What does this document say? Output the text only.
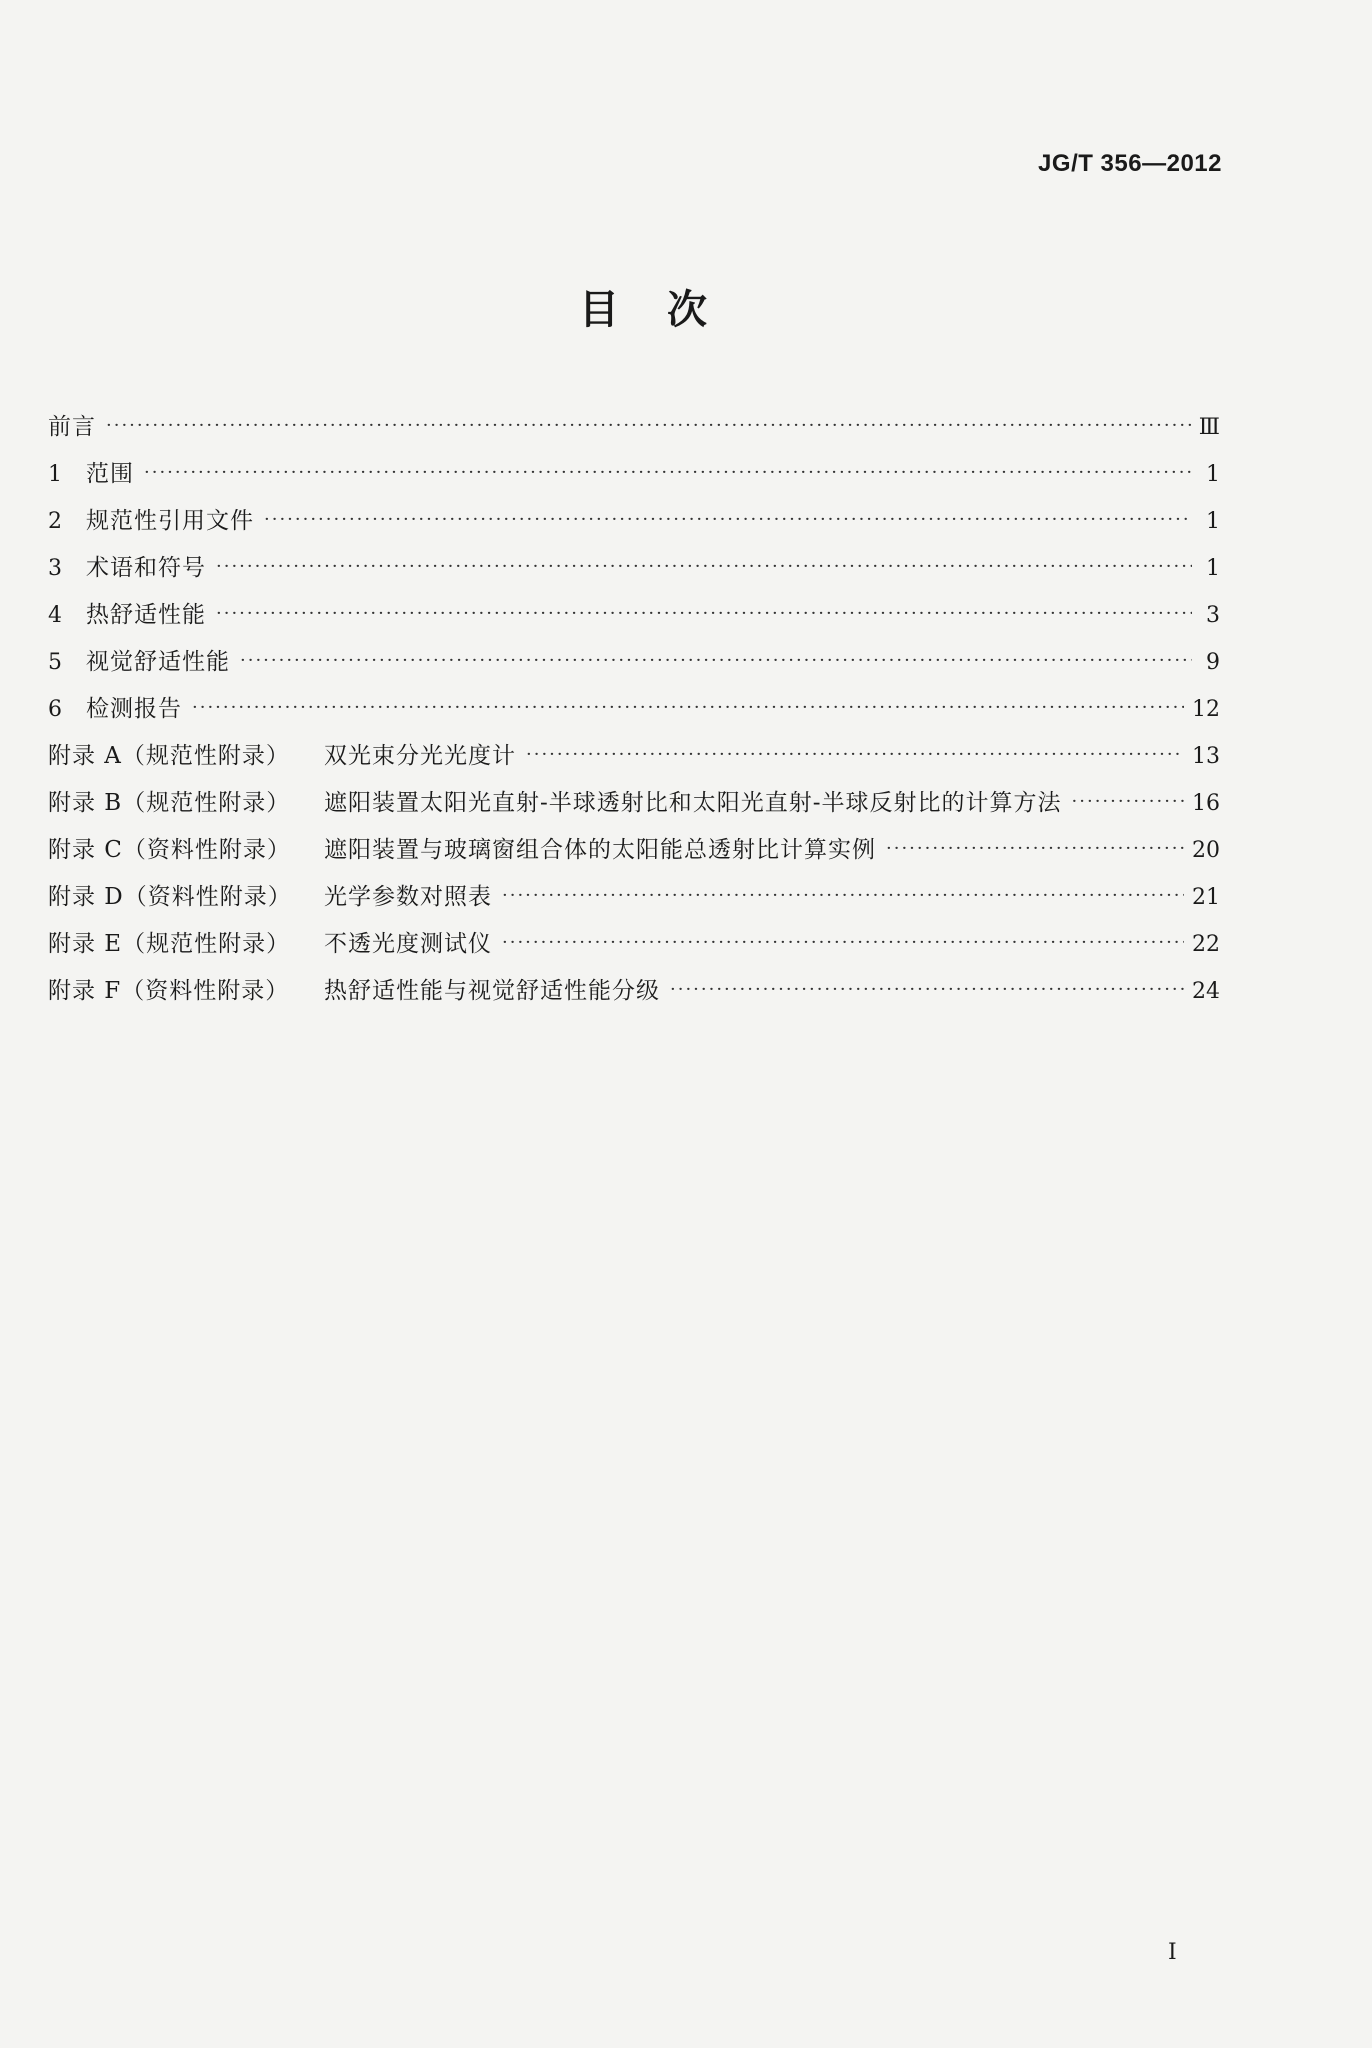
JG/T 356—2012
目　次
前言 ·····	Ⅲ
1	范围 ·····	1
2	规范性引用文件 ·····	1
3	术语和符号 ·····	1
4	热舒适性能 ·····	3
5	视觉舒适性能 ·····	9
6	检测报告 ·····	12
附录 A（规范性附录）	双光束分光光度计 ·····	13
附录 B（规范性附录）	遮阳装置太阳光直射-半球透射比和太阳光直射-半球反射比的计算方法 ·····	16
附录 C（资料性附录）	遮阳装置与玻璃窗组合体的太阳能总透射比计算实例 ·····	20
附录 D（资料性附录）	光学参数对照表 ·····	21
附录 E（规范性附录）	不透光度测试仪 ·····	22
附录 F（资料性附录）	热舒适性能与视觉舒适性能分级 ·····	24
I
